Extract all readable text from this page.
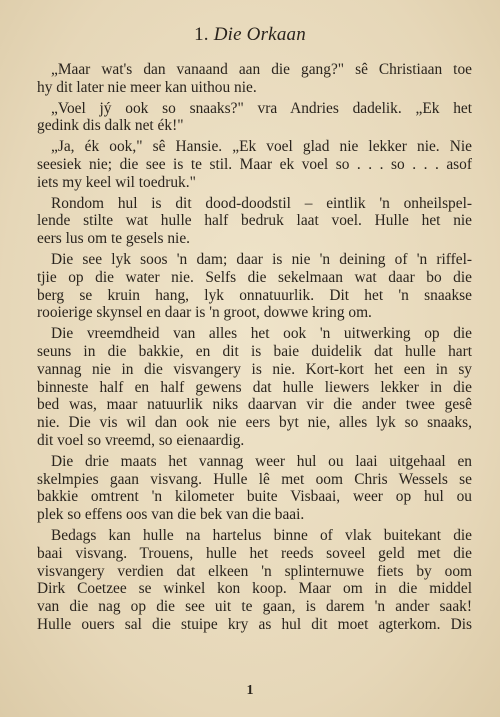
1. Die Orkaan
„Maar wat's dan vanaand aan die gang?" sê Christiaan toe
hy dit later nie meer kan uithou nie.
„Voel jý ook so snaaks?" vra Andries dadelik. „Ek het
gedink dis dalk net ék!"
„Ja, ék ook," sê Hansie. „Ek voel glad nie lekker nie. Nie
seesiek nie; die see is te stil. Maar ek voel so . . . so . . . asof
iets my keel wil toedruk."
Rondom hul is dit dood-doodstil – eintlik 'n onheilspel-
lende stilte wat hulle half bedruk laat voel. Hulle het nie
eers lus om te gesels nie.
Die see lyk soos 'n dam; daar is nie 'n deining of 'n riffel-
tjie op die water nie. Selfs die sekelmaan wat daar bo die
berg se kruin hang, lyk onnatuurlik. Dit het 'n snaakse
rooierige skynsel en daar is 'n groot, dowwe kring om.
Die vreemdheid van alles het ook 'n uitwerking op die
seuns in die bakkie, en dit is baie duidelik dat hulle hart
vannag nie in die visvangery is nie. Kort-kort het een in sy
binneste half en half gewens dat hulle liewers lekker in die
bed was, maar natuurlik niks daarvan vir die ander twee gesê
nie. Die vis wil dan ook nie eers byt nie, alles lyk so snaaks,
dit voel so vreemd, so eienaardig.
Die drie maats het vannag weer hul ou laai uitgehaal en
skelmpies gaan visvang. Hulle lê met oom Chris Wessels se
bakkie omtrent 'n kilometer buite Visbaai, weer op hul ou
plek so effens oos van die bek van die baai.
Bedags kan hulle na hartelus binne of vlak buitekant die
baai visvang. Trouens, hulle het reeds soveel geld met die
visvangery verdien dat elkeen 'n splinternuwe fiets by oom
Dirk Coetzee se winkel kon koop. Maar om in die middel
van die nag op die see uit te gaan, is darem 'n ander saak!
Hulle ouers sal die stuipe kry as hul dit moet agterkom. Dis
1
